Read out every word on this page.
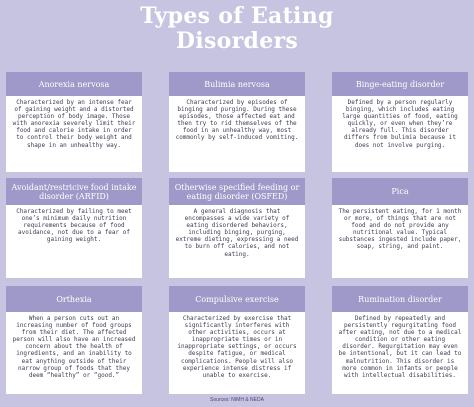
Types of Eating
Disorders
Anorexia nervosa
Characterized by an intense fear of gaining weight and a distorted perception of body image. Those with anorexia severely limit their food and calorie intake in order to control their body weight and shape in an unhealthy way.
Bulimia nervosa
Characterized by episodes of binging and purging. During these episodes, those affected eat and then try to rid themselves of the food in an unhealthy way, most commonly by self-induced vomiting.
Binge-eating disorder
Defined by a person regularly binging, which includes eating large quantities of food, eating quickly, or even when they’re already full. This disorder differs from bulimia because it does not involve purging.
Avoidant/restricive food intake disorder (ARFID)
Characterized by failing to meet one’s minimum daily nutrition requirements because of food avoidance, not due to a fear of gaining weight.
Otherwise specified feeding or eating disorder (OSFED)
A general diagnosis that encompasses a wide variety of eating disordered behaviors, including binging, purging, extreme dieting, expressing a need to burn off calories, and not eating.
Pica
The persistent eating, for 1 month or more, of things that are not food and do not provide any nutritional value. Typical substances ingested include paper, soap, string, and paint.
Orthexia
When a person cuts out an increasing number of food groups from their diet. The affected person will also have an increased concern about the health of ingredients, and an inability to eat anything outside of their narrow group of foods that they deem “healthy” or “good.”
Compulsive exercise
Characterized by exercise that significantly interferes with other activities, occurs at inappropriate times or in inappropriate settings, or occurs despite fatigue, or medical complications. People will also experience intense distress if unable to exercise.
Rumination disorder
Defined by repeatedly and persistently regurgitating food after eating, not due to a medical condition or other eating disorder. Regurgitation may even be intentional, but it can lead to malnutrition. This disorder is more common in infants or people with intellectual disabilities.
Sources: NIMH & NEDA
